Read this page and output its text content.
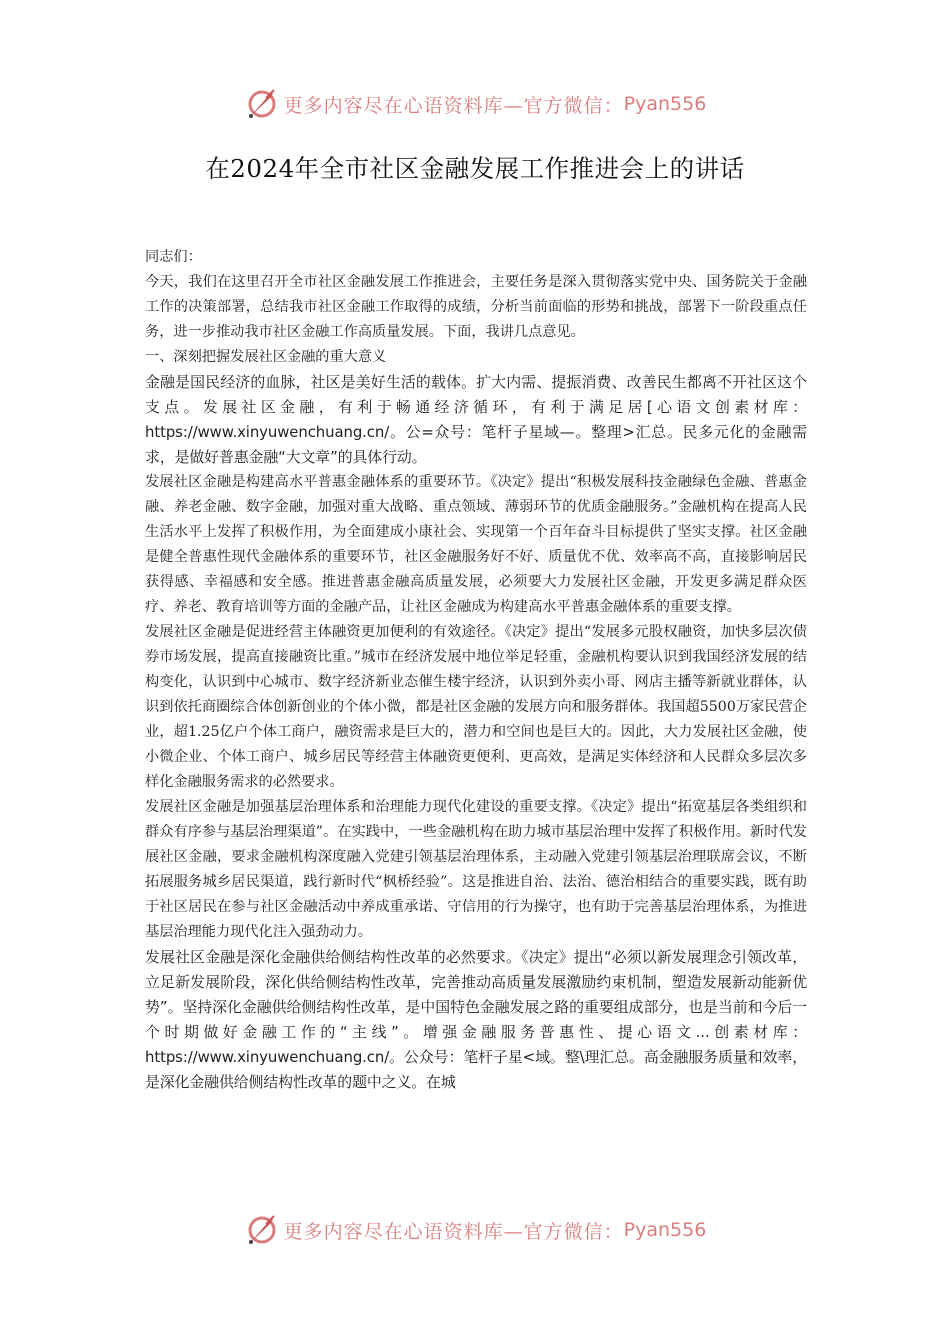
更多内容尽在心语资料库—官方微信： Pyan556
在2024年全市社区金融发展工作推进会上的讲话

同志们：

今天，我们在这里召开全市社区金融发展工作推进会，主要任务是深入贯彻落实党中央、国务院关于金融工作的决策部署，总结我市社区金融工作取得的成绩，分析当前面临的形势和挑战，部署下一阶段重点任务，进一步推动我市社区金融工作高质量发展。下面，我讲几点意见。

一、深刻把握发展社区金融的重大意义

金融是国民经济的血脉，社区是美好生活的载体。扩大内需、提振消费、改善民生都离不开社区这个支点。发展社区金融，有利于畅通经济循环，有利于满足居[心语文创素材库：https://www.xinyuwenchuang.cn/。公=众号：笔杆子星域—。整理>汇总。民多元化的金融需求，是做好普惠金融“大文章”的具体行动。

发展社区金融是构建高水平普惠金融体系的重要环节。《决定》提出“积极发展科技金融绿色金融、普惠金融、养老金融、数字金融，加强对重大战略、重点领域、薄弱环节的优质金融服务。”金融机构在提高人民生活水平上发挥了积极作用，为全面建成小康社会、实现第一个百年奋斗目标提供了坚实支撑。社区金融是健全普惠性现代金融体系的重要环节，社区金融服务好不好、质量优不优、效率高不高，直接影响居民获得感、幸福感和安全感。推进普惠金融高质量发展，必须要大力发展社区金融，开发更多满足群众医疗、养老、教育培训等方面的金融产品，让社区金融成为构建高水平普惠金融体系的重要支撑。

发展社区金融是促进经营主体融资更加便利的有效途径。《决定》提出“发展多元股权融资，加快多层次债券市场发展，提高直接融资比重。”城市在经济发展中地位举足轻重，金融机构要认识到我国经济发展的结构变化，认识到中心城市、数字经济新业态催生楼宇经济，认识到外卖小哥、网店主播等新就业群体，认识到依托商圈综合体创新创业的个体小微，都是社区金融的发展方向和服务群体。我国超5500万家民营企业，超1.25亿户个体工商户，融资需求是巨大的，潜力和空间也是巨大的。因此，大力发展社区金融，使小微企业、个体工商户、城乡居民等经营主体融资更便利、更高效，是满足实体经济和人民群众多层次多样化金融服务需求的必然要求。

发展社区金融是加强基层治理体系和治理能力现代化建设的重要支撑。《决定》提出“拓宽基层各类组织和群众有序参与基层治理渠道”。在实践中，一些金融机构在助力城市基层治理中发挥了积极作用。新时代发展社区金融，要求金融机构深度融入党建引领基层治理体系，主动融入党建引领基层治理联席会议，不断拓展服务城乡居民渠道，践行新时代“枫桥经验”。这是推进自治、法治、德治相结合的重要实践，既有助于社区居民在参与社区金融活动中养成重承诺、守信用的行为操守，也有助于完善基层治理体系，为推进基层治理能力现代化注入强劲动力。

发展社区金融是深化金融供给侧结构性改革的必然要求。《决定》提出“必须以新发展理念引领改革，立足新发展阶段，深化供给侧结构性改革，完善推动高质量发展激励约束机制，塑造发展新动能新优势”。坚持深化金融供给侧结构性改革，是中国特色金融发展之路的重要组成部分，也是当前和今后一个时期做好金融工作的“主线”。增强金融服务普惠性、提心语文...创素材库：https://www.xinyuwenchuang.cn/。公众号：笔杆子星<域。整\理汇总。高金融服务质量和效率，是深化金融供给侧结构性改革的题中之义。在城

更多内容尽在心语资料库—官方微信： Pyan556
